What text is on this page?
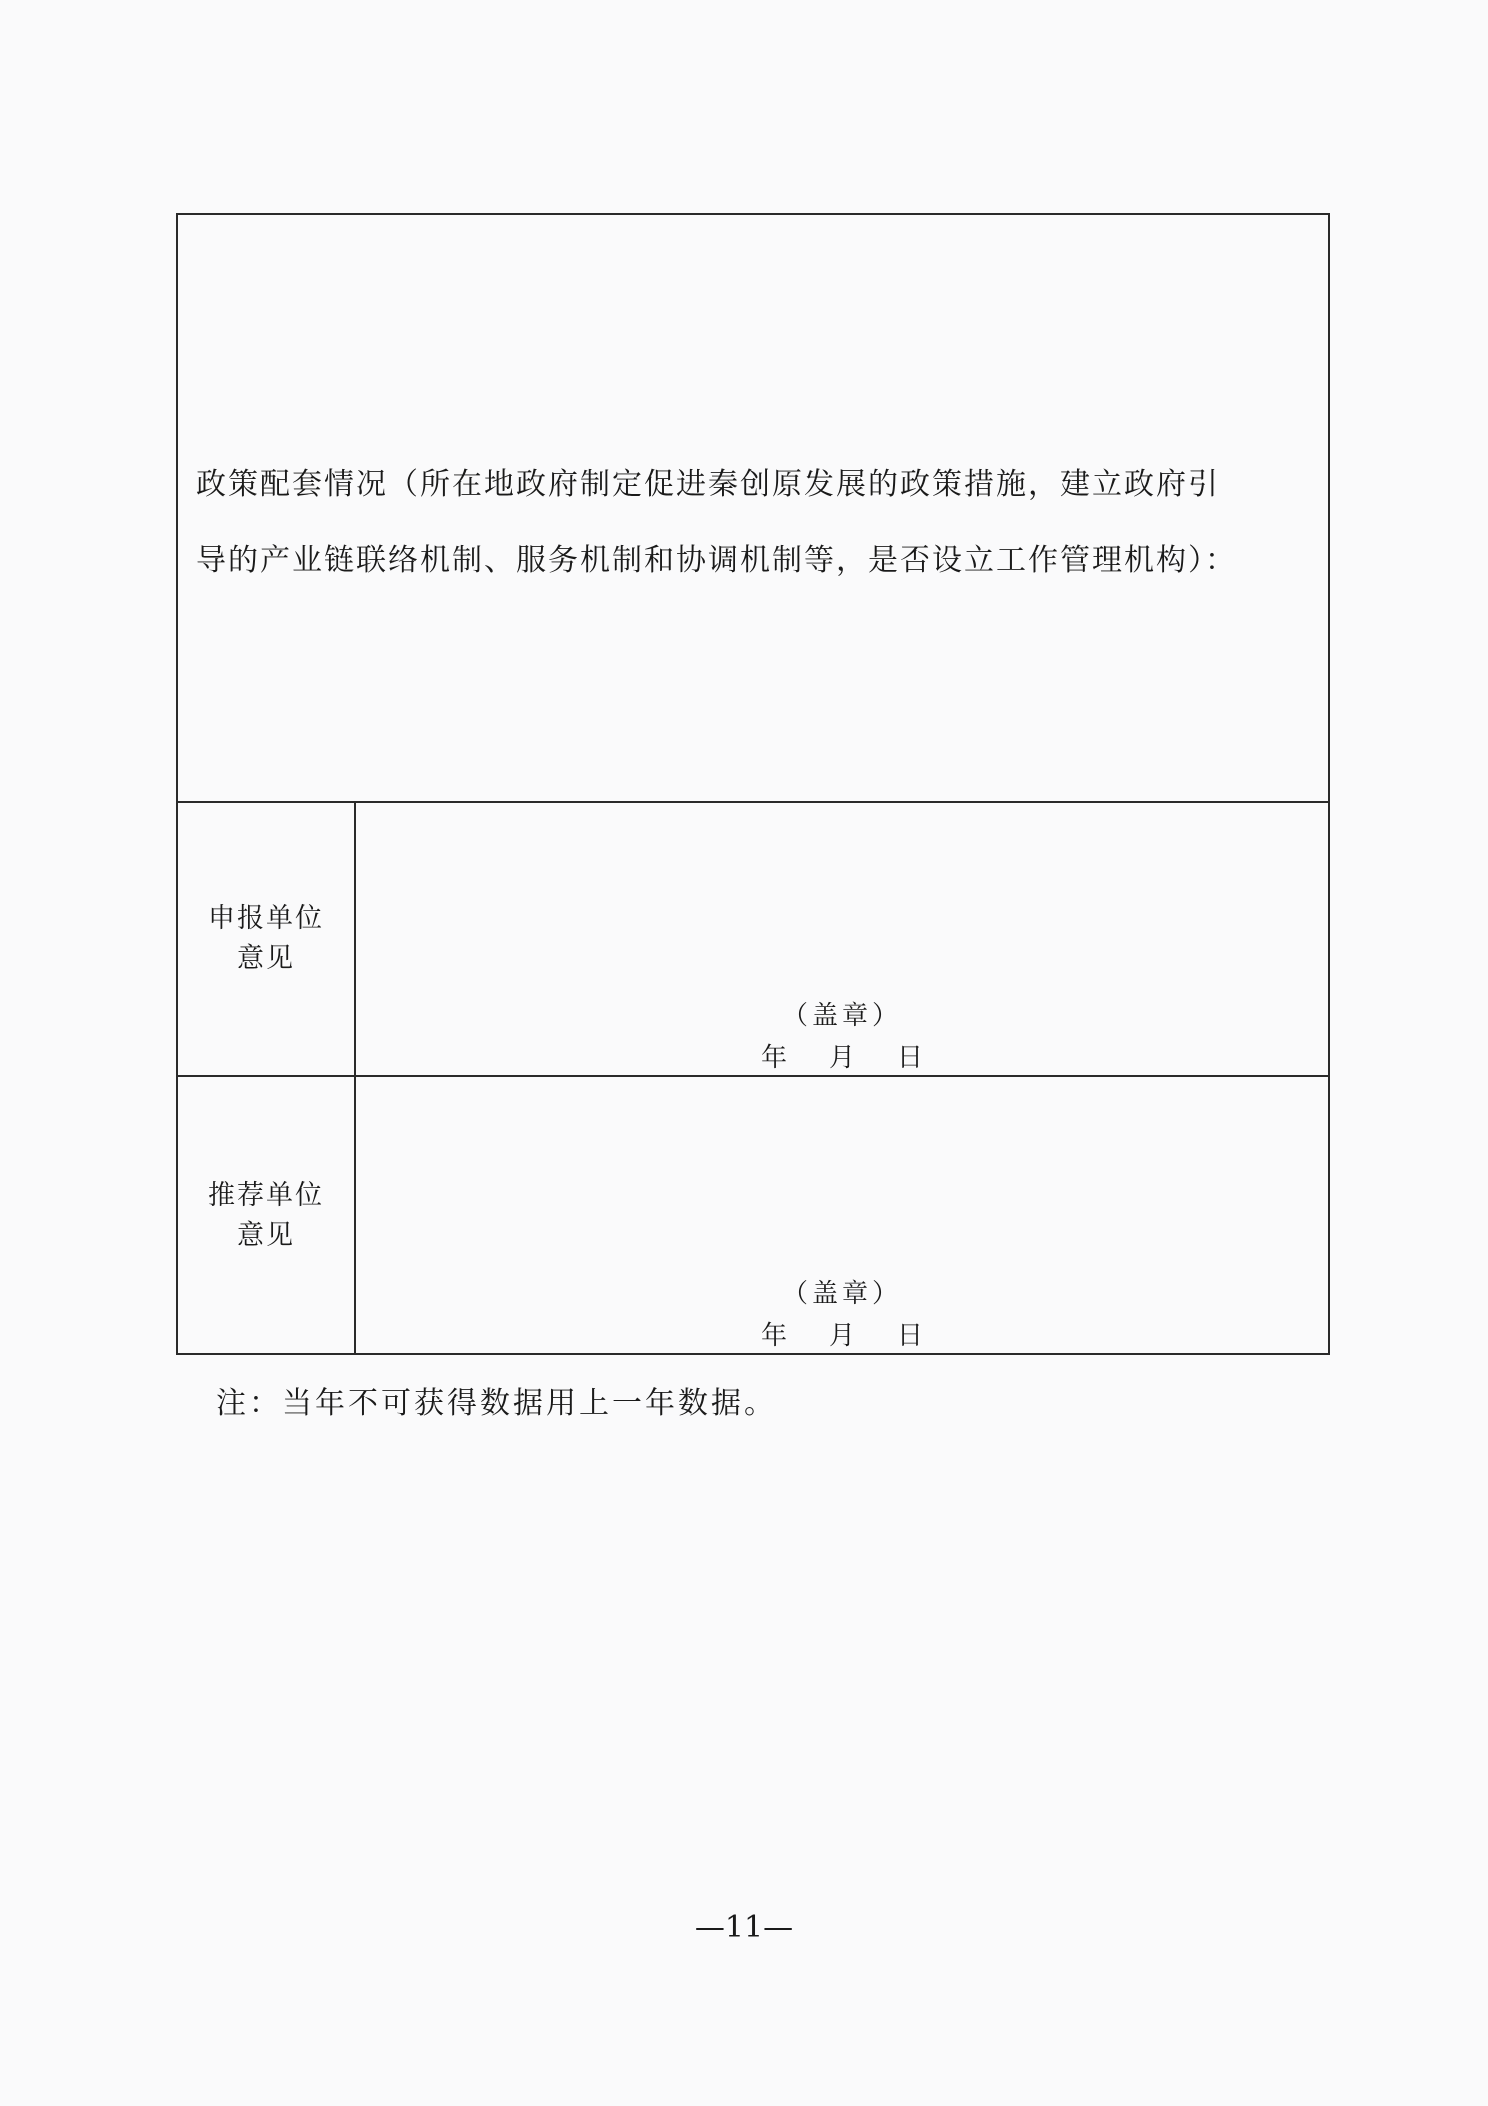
政策配套情况（所在地政府制定促进秦创原发展的政策措施，建立政府引
导的产业链联络机制、服务机制和协调机制等，是否设立工作管理机构）：
申报单位
意见
（盖章）
年 月 日
推荐单位
意见
（盖章）
年 月 日
注：当年不可获得数据用上一年数据。
—11—
